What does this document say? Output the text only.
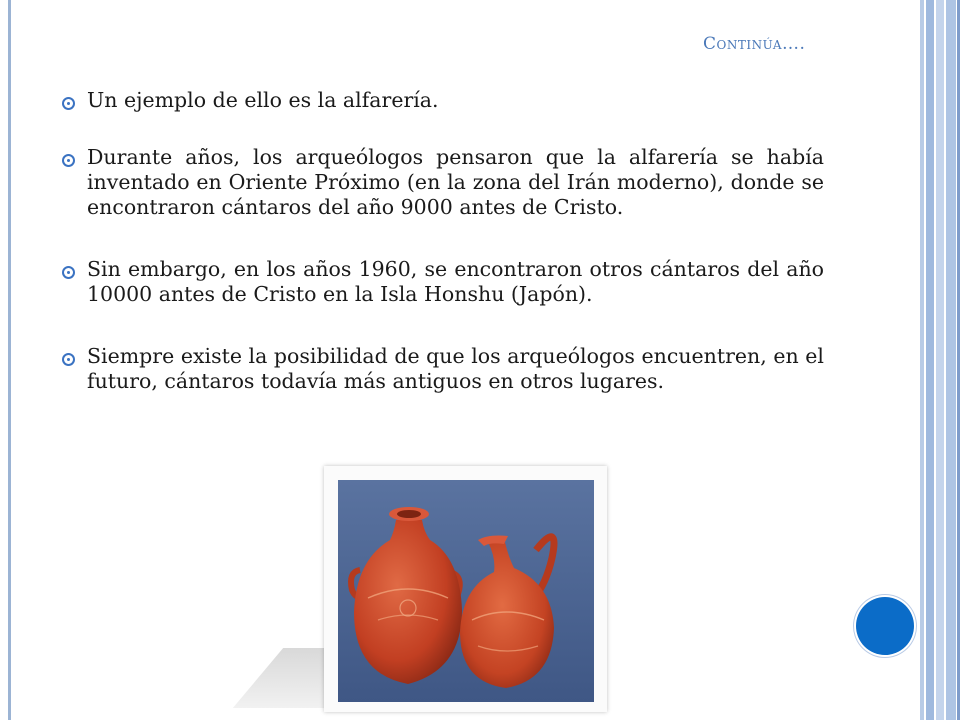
Continúa….
Un ejemplo de ello es la alfarería.
Durante años, los arqueólogos pensaron que la alfarería se había inventado en Oriente Próximo (en la zona del Irán moderno), donde se encontraron cántaros del año 9000 antes de Cristo.
Sin embargo, en los años 1960, se encontraron otros cántaros del año 10000 antes de Cristo en la Isla Honshu (Japón).
Siempre existe la posibilidad de que los arqueólogos encuentren, en el futuro, cántaros todavía más antiguos en otros lugares.
